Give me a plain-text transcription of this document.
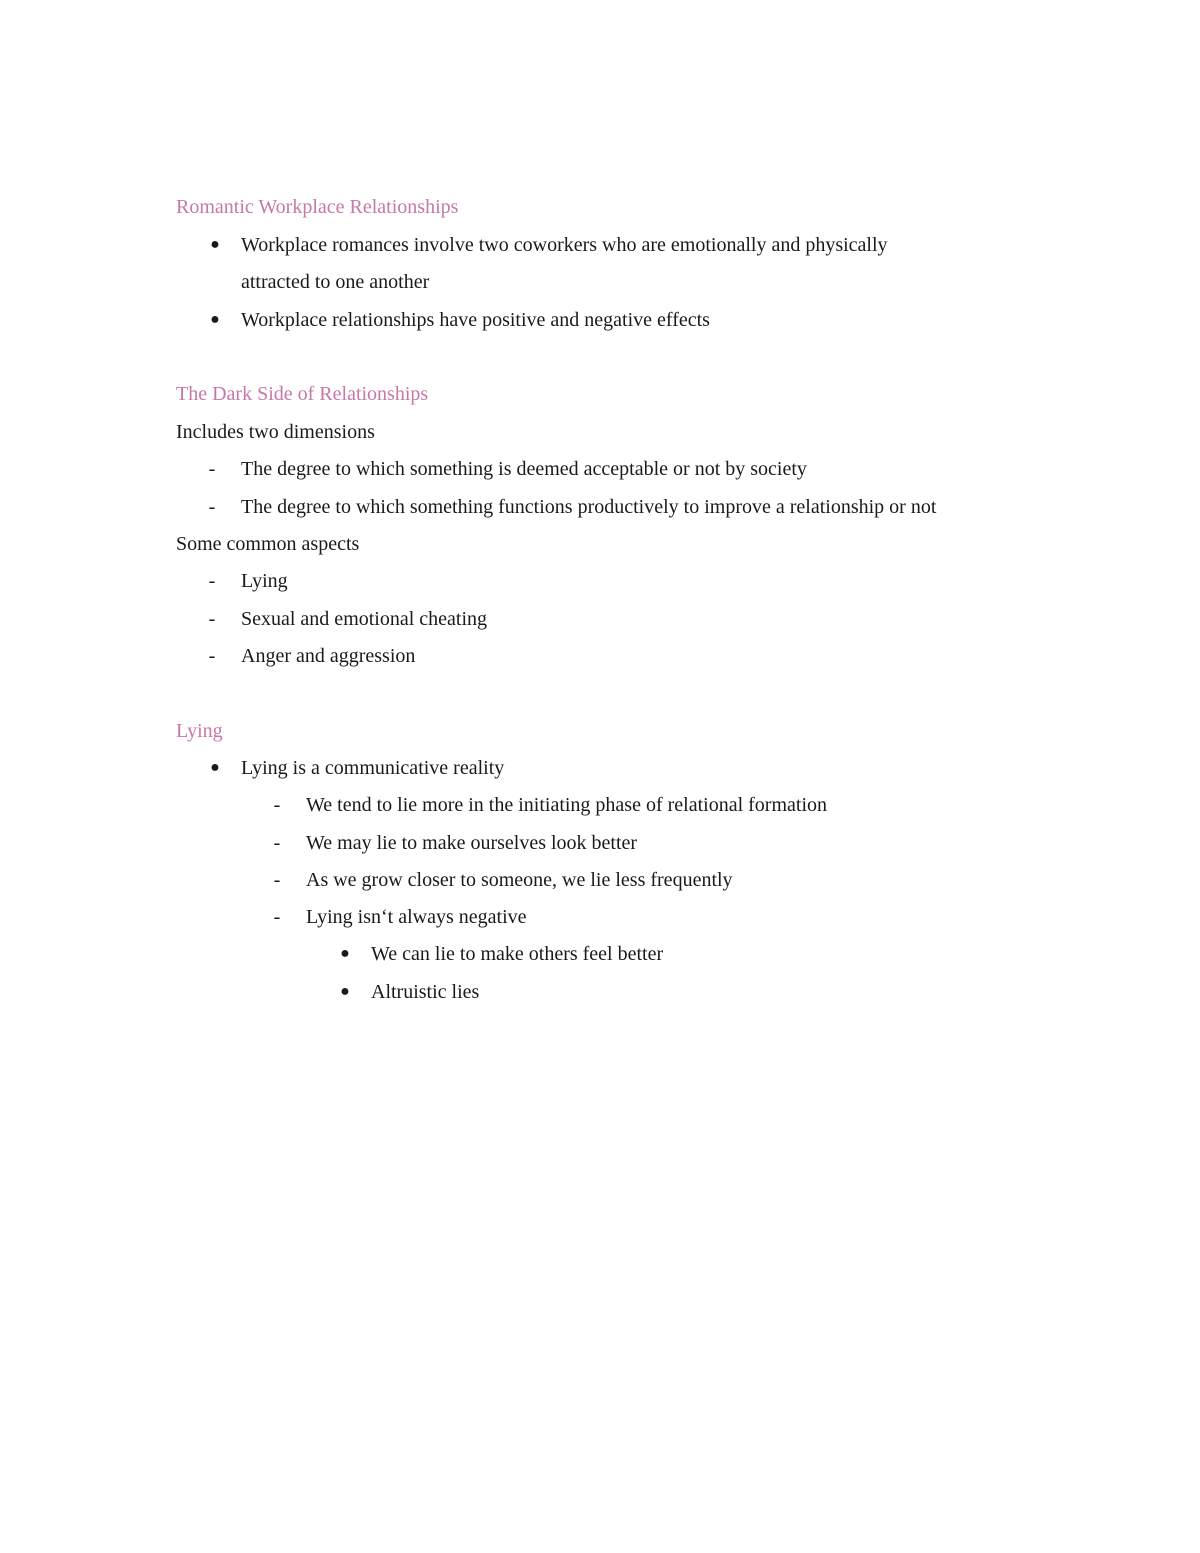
Romantic Workplace Relationships
● Workplace romances involve two coworkers who are emotionally and physically
attracted to one another
● Workplace relationships have positive and negative effects
The Dark Side of Relationships
Includes two dimensions
- The degree to which something is deemed acceptable or not by society
- The degree to which something functions productively to improve a relationship or not
Some common aspects
- Lying
- Sexual and emotional cheating
- Anger and aggression
Lying
● Lying is a communicative reality
- We tend to lie more in the initiating phase of relational formation
- We may lie to make ourselves look better
- As we grow closer to someone, we lie less frequently
- Lying isn‘t always negative
● We can lie to make others feel better
● Altruistic lies
